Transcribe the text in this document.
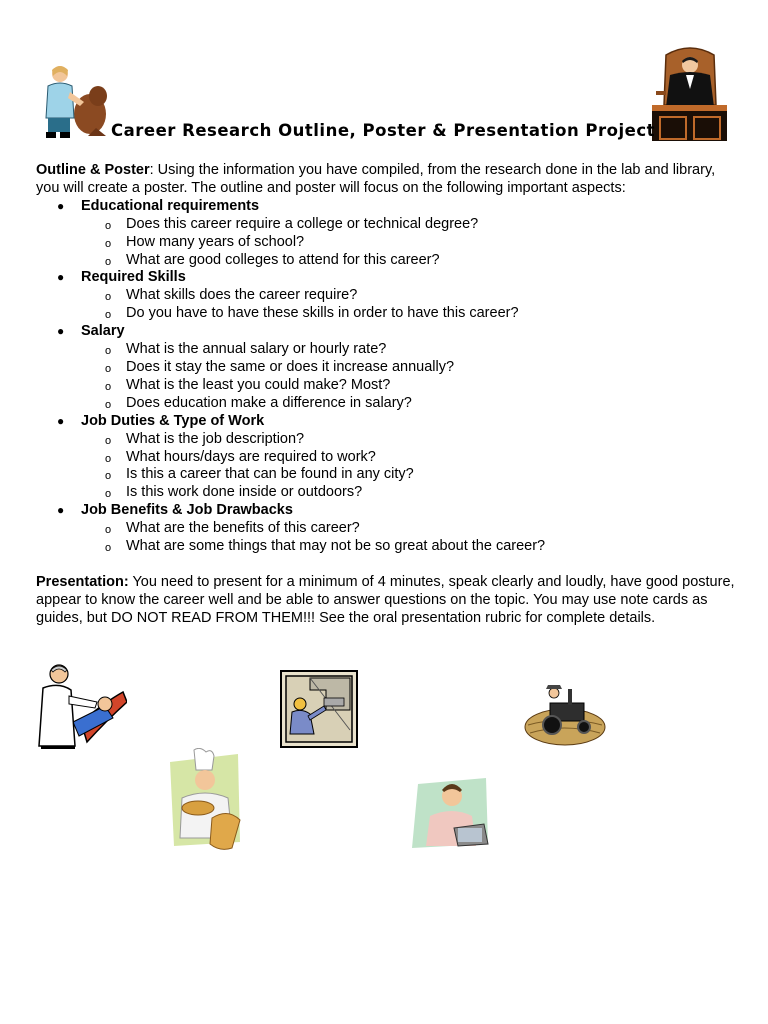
Career Research Outline, Poster & Presentation Project

Outline & Poster: Using the information you have compiled, from the research done in the lab and library, you will create a poster. The outline and poster will focus on the following important aspects:

● Educational requirements
o Does this career require a college or technical degree?
o How many years of school?
o What are good colleges to attend for this career?
● Required Skills
o What skills does the career require?
o Do you have to have these skills in order to have this career?
● Salary
o What is the annual salary or hourly rate?
o Does it stay the same or does it increase annually?
o What is the least you could make? Most?
o Does education make a difference in salary?
● Job Duties & Type of Work
o What is the job description?
o What hours/days are required to work?
o Is this a career that can be found in any city?
o Is this work done inside or outdoors?
● Job Benefits & Job Drawbacks
o What are the benefits of this career?
o What are some things that may not be so great about the career?

Presentation: You need to present for a minimum of 4 minutes, speak clearly and loudly, have good posture, appear to know the career well and be able to answer questions on the topic. You may use note cards as guides, but DO NOT READ FROM THEM!!! See the oral presentation rubric for complete details.
